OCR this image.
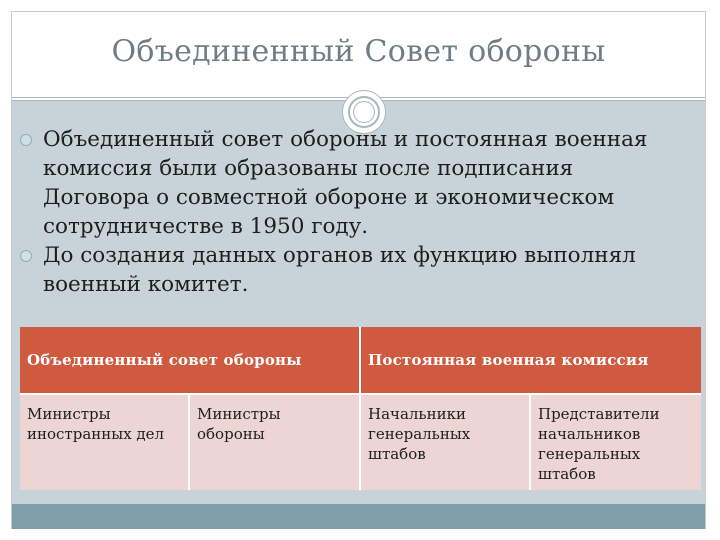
Объединенный Совет обороны
Объединенный совет обороны и постоянная военная комиссия были образованы после подписания Договора о совместной обороне и экономическом сотрудничестве в 1950 году.
До создания данных органов их функцию выполнял военный комитет.
Объединенный совет обороны	Постоянная военная комиссия
Министры иностранных дел
Министры обороны
Начальники генеральных штабов
Представители начальников генеральных штабов
